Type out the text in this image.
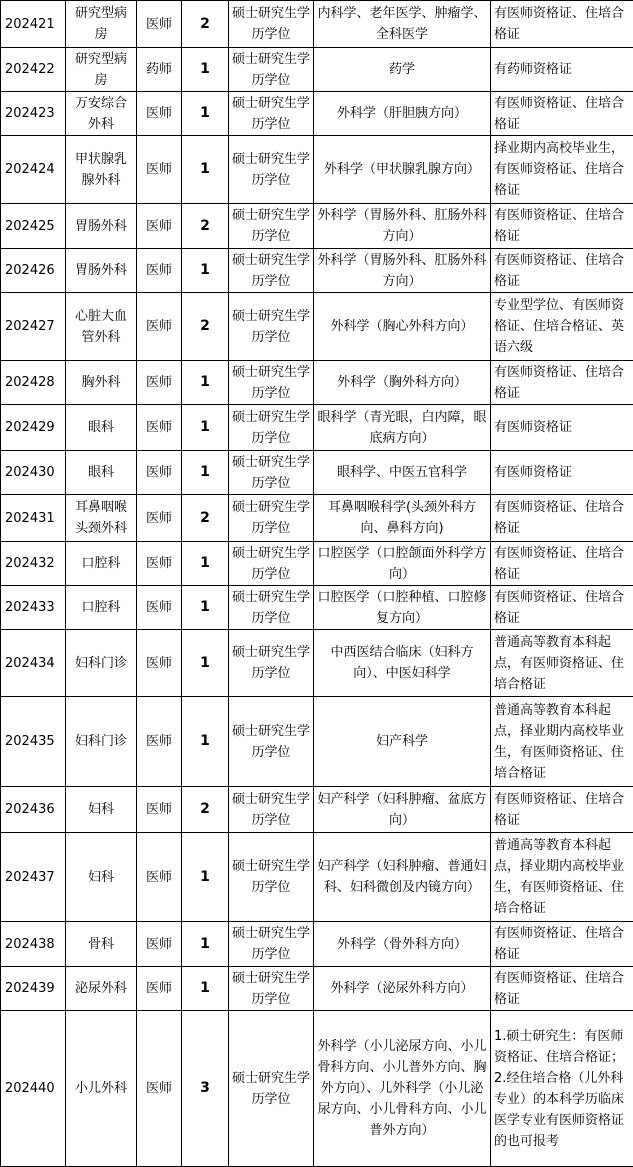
202421	研究型病房	医师	2	硕士研究生学历学位	内科学、老年医学、肿瘤学、全科医学	有医师资格证、住培合格证
202422	研究型病房	药师	1	硕士研究生学历学位	药学	有药师资格证
202423	万安综合外科	医师	1	硕士研究生学历学位	外科学（肝胆胰方向）	有医师资格证、住培合格证
202424	甲状腺乳腺外科	医师	1	硕士研究生学历学位	外科学（甲状腺乳腺方向）	择业期内高校毕业生，有医师资格证、住培合格证
202425	胃肠外科	医师	2	硕士研究生学历学位	外科学（胃肠外科、肛肠外科方向）	有医师资格证、住培合格证
202426	胃肠外科	医师	1	硕士研究生学历学位	外科学（胃肠外科、肛肠外科方向）	有医师资格证、住培合格证
202427	心脏大血管外科	医师	2	硕士研究生学历学位	外科学（胸心外科方向）	专业型学位、有医师资格证、住培合格证、英语六级
202428	胸外科	医师	1	硕士研究生学历学位	外科学（胸外科方向）	有医师资格证、住培合格证
202429	眼科	医师	1	硕士研究生学历学位	眼科学（青光眼，白内障，眼底病方向）	有医师资格证
202430	眼科	医师	1	硕士研究生学历学位	眼科学、中医五官科学	有医师资格证
202431	耳鼻咽喉头颈外科	医师	2	硕士研究生学历学位	耳鼻咽喉科学(头颈外科方向、鼻科方向)	有医师资格证、住培合格证
202432	口腔科	医师	1	硕士研究生学历学位	口腔医学（口腔颌面外科学方向）	有医师资格证、住培合格证
202433	口腔科	医师	1	硕士研究生学历学位	口腔医学（口腔种植、口腔修复方向）	有医师资格证、住培合格证
202434	妇科门诊	医师	1	硕士研究生学历学位	中西医结合临床（妇科方向）、中医妇科学	普通高等教育本科起点，有医师资格证、住培合格证
202435	妇科门诊	医师	1	硕士研究生学历学位	妇产科学	普通高等教育本科起点，择业期内高校毕业生，有医师资格证、住培合格证
202436	妇科	医师	2	硕士研究生学历学位	妇产科学（妇科肿瘤、盆底方向）	有医师资格证、住培合格证
202437	妇科	医师	1	硕士研究生学历学位	妇产科学（妇科肿瘤、普通妇科、妇科微创及内镜方向）	普通高等教育本科起点，择业期内高校毕业生，有医师资格证、住培合格证
202438	骨科	医师	1	硕士研究生学历学位	外科学（骨外科方向）	有医师资格证、住培合格证
202439	泌尿外科	医师	1	硕士研究生学历学位	外科学（泌尿外科方向）	有医师资格证、住培合格证
202440	小儿外科	医师	3	硕士研究生学历学位	外科学（小儿泌尿方向、小儿骨科方向、小儿普外方向、胸外方向）、儿外科学（小儿泌尿方向、小儿骨科方向、小儿普外方向）	1.硕士研究生：有医师资格证、住培合格证；2.经住培合格（儿外科专业）的本科学历临床医学专业有医师资格证的也可报考
